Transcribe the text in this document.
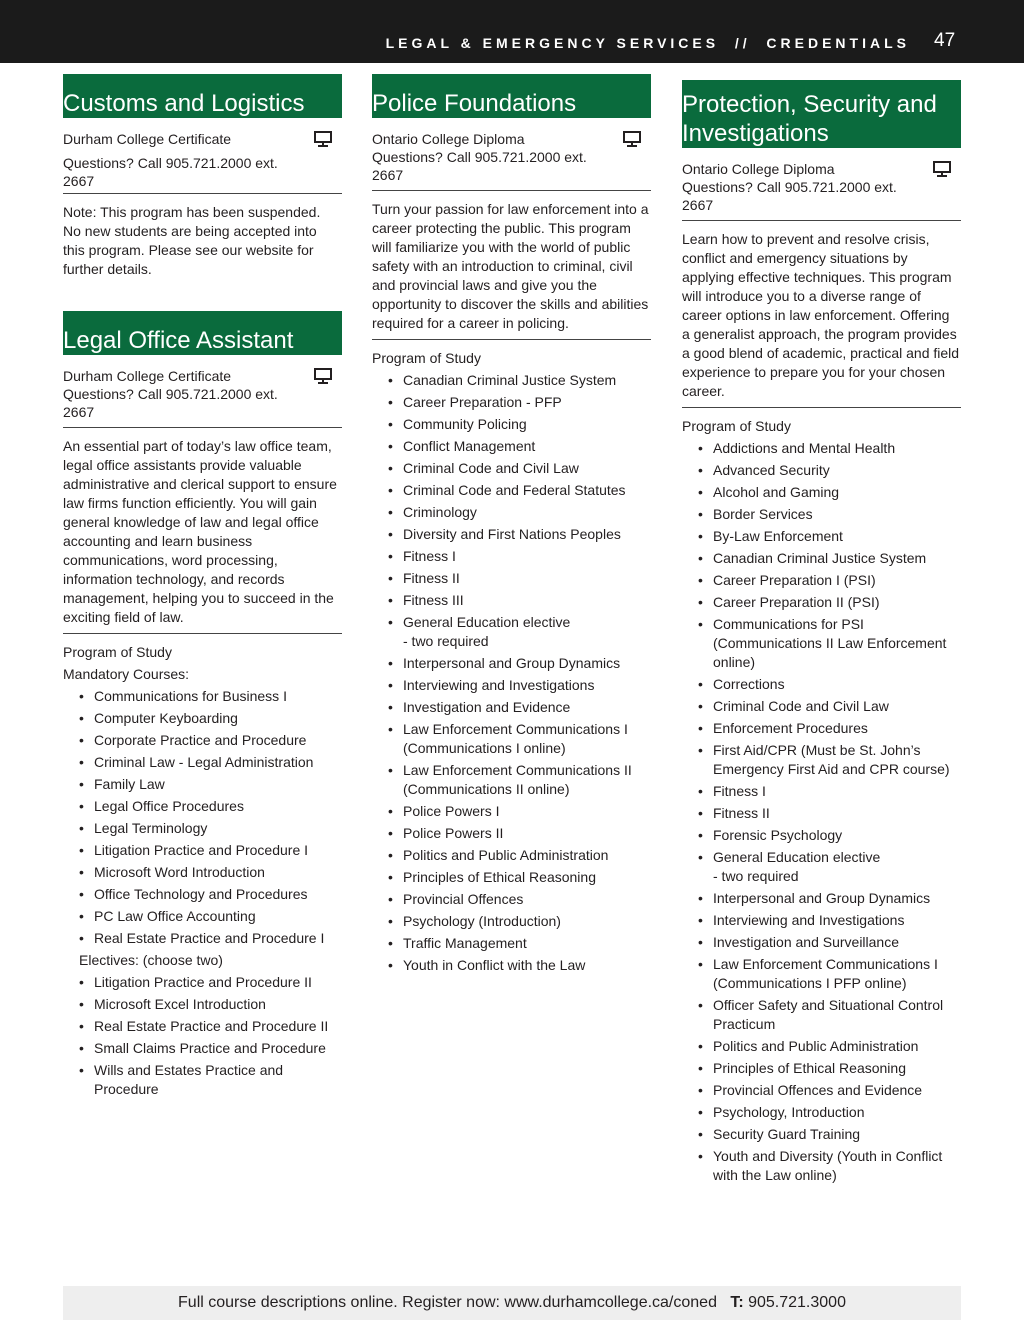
LEGAL & EMERGENCY SERVICES  //  CREDENTIALS 47
Customs and Logistics
Durham College Certificate
Questions? Call 905.721.2000 ext. 2667
Note: This program has been suspended. No new students are being accepted into this program. Please see our website for further details.
Legal Office Assistant
Durham College Certificate
Questions? Call 905.721.2000 ext. 2667
An essential part of today’s law office team, legal office assistants provide valuable administrative and clerical support to ensure law firms function efficiently. You will gain general knowledge of law and legal office accounting and learn business communications, word processing, information technology, and records management, helping you to succeed in the exciting field of law.
Program of Study
Mandatory Courses:
• Communications for Business I
• Computer Keyboarding
• Corporate Practice and Procedure
• Criminal Law - Legal Administration
• Family Law
• Legal Office Procedures
• Legal Terminology
• Litigation Practice and Procedure I
• Microsoft Word Introduction
• Office Technology and Procedures
• PC Law Office Accounting
• Real Estate Practice and Procedure I
Electives: (choose two)
• Litigation Practice and Procedure II
• Microsoft Excel Introduction
• Real Estate Practice and Procedure II
• Small Claims Practice and Procedure
• Wills and Estates Practice and Procedure
Police Foundations
Ontario College Diploma
Questions? Call 905.721.2000 ext. 2667
Turn your passion for law enforcement into a career protecting the public. This program will familiarize you with the world of public safety with an introduction to criminal, civil and provincial laws and give you the opportunity to discover the skills and abilities required for a career in policing.
Program of Study
• Canadian Criminal Justice System
• Career Preparation - PFP
• Community Policing
• Conflict Management
• Criminal Code and Civil Law
• Criminal Code and Federal Statutes
• Criminology
• Diversity and First Nations Peoples
• Fitness I
• Fitness II
• Fitness III
• General Education elective
- two required
• Interpersonal and Group Dynamics
• Interviewing and Investigations
• Investigation and Evidence
• Law Enforcement Communications I
(Communications I online)
• Law Enforcement Communications II
(Communications II online)
• Police Powers I
• Police Powers II
• Politics and Public Administration
• Principles of Ethical Reasoning
• Provincial Offences
• Psychology (Introduction)
• Traffic Management
• Youth in Conflict with the Law
Protection, Security and
Investigations
Ontario College Diploma
Questions? Call 905.721.2000 ext. 2667
Learn how to prevent and resolve crisis, conflict and emergency situations by applying effective techniques. This program will introduce you to a diverse range of career options in law enforcement. Offering a generalist approach, the program provides a good blend of academic, practical and field experience to prepare you for your chosen career.
Program of Study
• Addictions and Mental Health
• Advanced Security
• Alcohol and Gaming
• Border Services
• By-Law Enforcement
• Canadian Criminal Justice System
• Career Preparation I (PSI)
• Career Preparation II (PSI)
• Communications for PSI
(Communications II Law Enforcement
online)
• Corrections
• Criminal Code and Civil Law
• Enforcement Procedures
• First Aid/CPR (Must be St. John’s
Emergency First Aid and CPR course)
• Fitness I
• Fitness II
• Forensic Psychology
• General Education elective
- two required
• Interpersonal and Group Dynamics
• Interviewing and Investigations
• Investigation and Surveillance
• Law Enforcement Communications I
(Communications I PFP online)
• Officer Safety and Situational Control
Practicum
• Politics and Public Administration
• Principles of Ethical Reasoning
• Provincial Offences and Evidence
• Psychology, Introduction
• Security Guard Training
• Youth and Diversity (Youth in Conflict
with the Law online)
Full course descriptions online. Register now: www.durhamcollege.ca/coned T: 905.721.3000
